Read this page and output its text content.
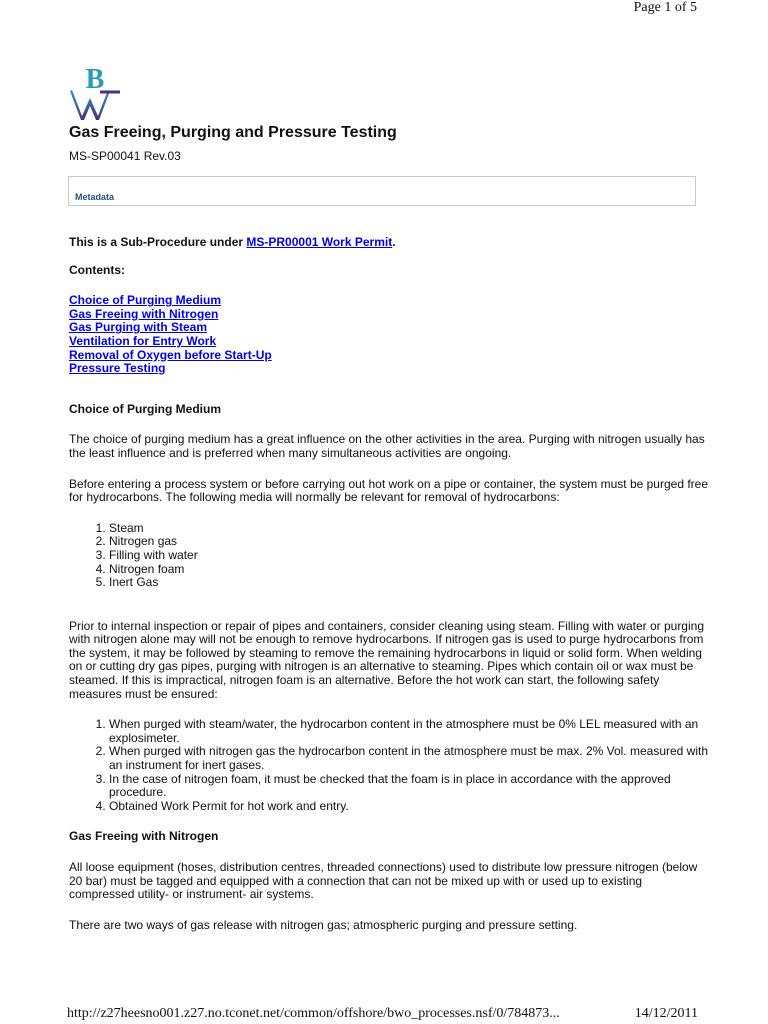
Page 1 of 5
B
Gas Freeing, Purging and Pressure Testing
MS-SP00041 Rev.03
Metadata

This is a Sub-Procedure under MS-PR00001 Work Permit.

Contents:

Choice of Purging Medium
Gas Freeing with Nitrogen
Gas Purging with Steam
Ventilation for Entry Work
Removal of Oxygen before Start-Up
Pressure Testing

Choice of Purging Medium

The choice of purging medium has a great influence on the other activities in the area. Purging with nitrogen usually has the least influence and is preferred when many simultaneous activities are ongoing.

Before entering a process system or before carrying out hot work on a pipe or container, the system must be purged free for hydrocarbons. The following media will normally be relevant for removal of hydrocarbons:

1. Steam
2. Nitrogen gas
3. Filling with water
4. Nitrogen foam
5. Inert Gas

Prior to internal inspection or repair of pipes and containers, consider cleaning using steam. Filling with water or purging with nitrogen alone may will not be enough to remove hydrocarbons. If nitrogen gas is used to purge hydrocarbons from the system, it may be followed by steaming to remove the remaining hydrocarbons in liquid or solid form. When welding on or cutting dry gas pipes, purging with nitrogen is an alternative to steaming. Pipes which contain oil or wax must be steamed. If this is impractical, nitrogen foam is an alternative. Before the hot work can start, the following safety measures must be ensured:

1. When purged with steam/water, the hydrocarbon content in the atmosphere must be 0% LEL measured with an explosimeter.
2. When purged with nitrogen gas the hydrocarbon content in the atmosphere must be max. 2% Vol. measured with an instrument for inert gases.
3. In the case of nitrogen foam, it must be checked that the foam is in place in accordance with the approved procedure.
4. Obtained Work Permit for hot work and entry.

Gas Freeing with Nitrogen

All loose equipment (hoses, distribution centres, threaded connections) used to distribute low pressure nitrogen (below 20 bar) must be tagged and equipped with a connection that can not be mixed up with or used up to existing compressed utility- or instrument- air systems.

There are two ways of gas release with nitrogen gas; atmospheric purging and pressure setting.

http://z27heesno001.z27.no.tconet.net/common/offshore/bwo_processes.nsf/0/784873...	14/12/2011
